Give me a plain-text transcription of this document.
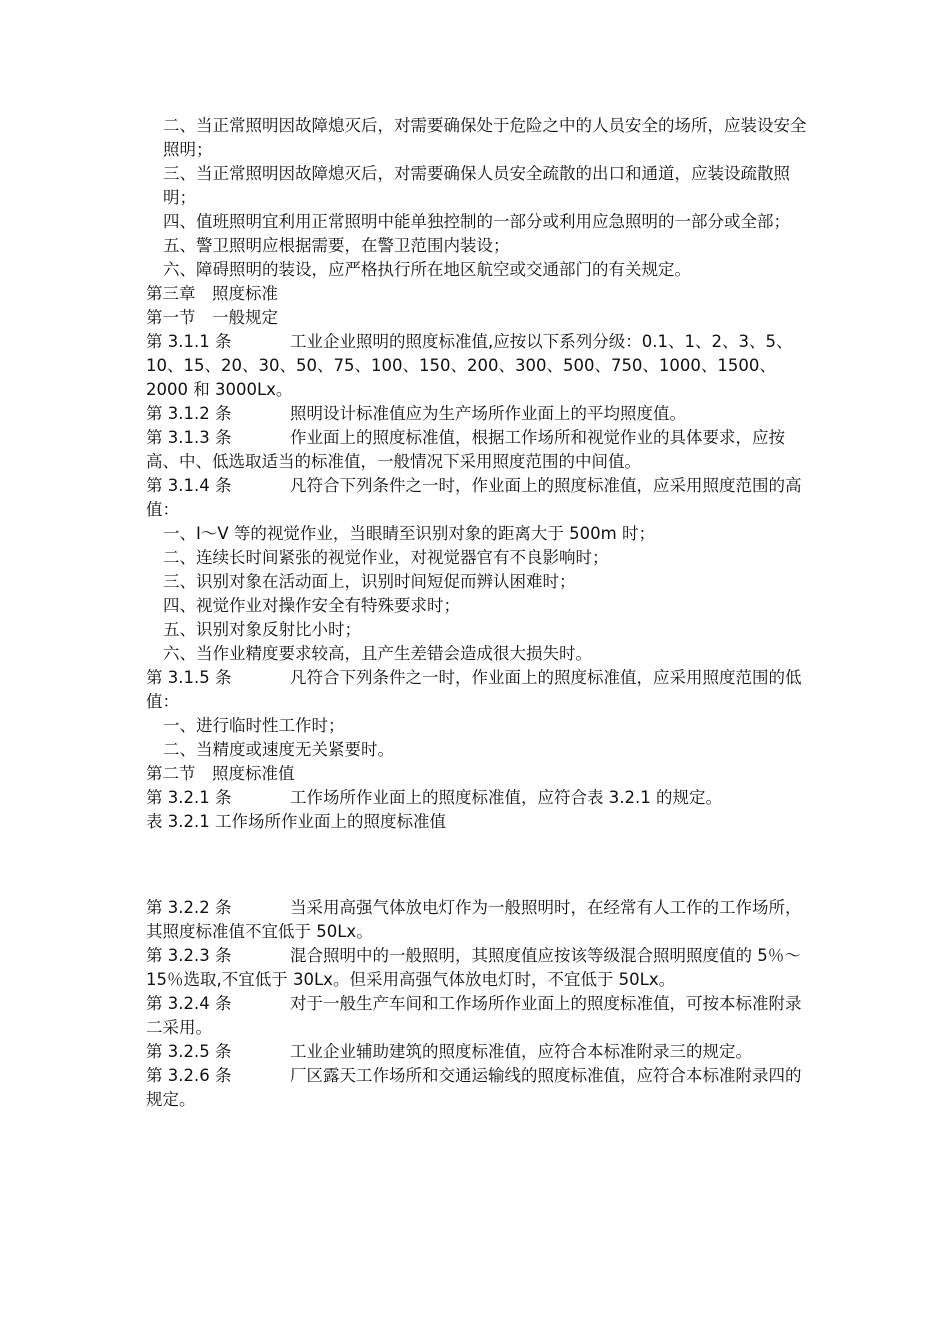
二、当正常照明因故障熄灭后，对需要确保处于危险之中的人员安全的场所，应装设安全照明；

三、当正常照明因故障熄灭后，对需要确保人员安全疏散的出口和通道，应装设疏散照明；

四、值班照明宜利用正常照明中能单独控制的一部分或利用应急照明的一部分或全部；

五、警卫照明应根据需要，在警卫范围内装设；

六、障碍照明的装设，应严格执行所在地区航空或交通部门的有关规定。

第三章　照度标准

第一节　一般规定

第 3.1.1 条	工业企业照明的照度标准值,应按以下系列分级：0.1、1、2、3、5、10、15、20、30、50、75、100、150、200、300、500、750、1000、1500、2000 和 3000Lx。

第 3.1.2 条	照明设计标准值应为生产场所作业面上的平均照度值。

第 3.1.3 条	作业面上的照度标准值，根据工作场所和视觉作业的具体要求，应按高、中、低选取适当的标准值，一般情况下采用照度范围的中间值。

第 3.1.4 条	凡符合下列条件之一时，作业面上的照度标准值，应采用照度范围的高值：

一、Ⅰ～V 等的视觉作业，当眼睛至识别对象的距离大于 500m 时；

二、连续长时间紧张的视觉作业，对视觉器官有不良影响时；

三、识别对象在活动面上，识别时间短促而辨认困难时；

四、视觉作业对操作安全有特殊要求时；

五、识别对象反射比小时；

六、当作业精度要求较高，且产生差错会造成很大损失时。

第 3.1.5 条	凡符合下列条件之一时，作业面上的照度标准值，应采用照度范围的低值：

一、进行临时性工作时；

二、当精度或速度无关紧要时。

第二节　照度标准值

第 3.2.1 条	工作场所作业面上的照度标准值，应符合表 3.2.1 的规定。

表 3.2.1 工作场所作业面上的照度标准值

第 3.2.2 条	当采用高强气体放电灯作为一般照明时，在经常有人工作的工作场所，其照度标准值不宜低于 50Lx。

第 3.2.3 条	混合照明中的一般照明，其照度值应按该等级混合照明照度值的 5％～15％选取,不宜低于 30Lx。但采用高强气体放电灯时，不宜低于 50Lx。

第 3.2.4 条	对于一般生产车间和工作场所作业面上的照度标准值，可按本标准附录二采用。

第 3.2.5 条	工业企业辅助建筑的照度标准值，应符合本标准附录三的规定。

第 3.2.6 条	厂区露天工作场所和交通运输线的照度标准值，应符合本标准附录四的规定。
